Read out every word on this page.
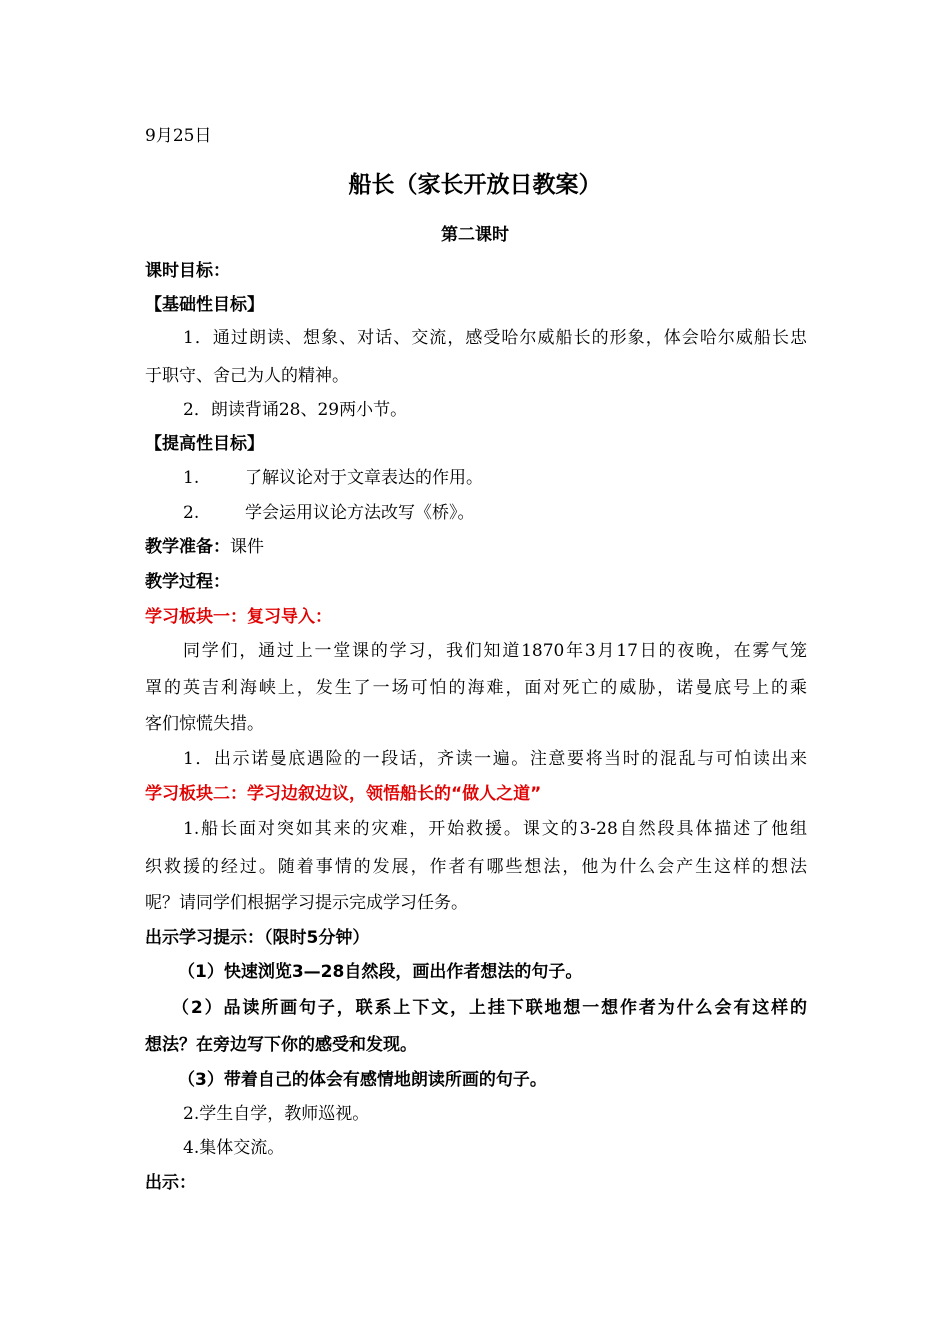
9月25日
船长（家长开放日教案）
第二课时
课时目标：
【基础性目标】
1．通过朗读、想象、对话、交流，感受哈尔威船长的形象，体会哈尔威船长忠
于职守、舍己为人的精神。
2．朗读背诵28、29两小节。
【提高性目标】
1.	了解议论对于文章表达的作用。
2.	学会运用议论方法改写《桥》。
教学准备：课件
教学过程：
学习板块一：复习导入：
同学们，通过上一堂课的学习，我们知道1870年3月17日的夜晚，在雾气笼
罩的英吉利海峡上，发生了一场可怕的海难，面对死亡的威胁，诺曼底号上的乘
客们惊慌失措。
1．出示诺曼底遇险的一段话，齐读一遍。注意要将当时的混乱与可怕读出来
学习板块二：学习边叙边议，领悟船长的“做人之道”
1.船长面对突如其来的灾难，开始救援。课文的3-28自然段具体描述了他组
织救援的经过。随着事情的发展，作者有哪些想法，他为什么会产生这样的想法
呢？请同学们根据学习提示完成学习任务。
出示学习提示：（限时5分钟）
（1）快速浏览3—28自然段，画出作者想法的句子。
（2）品读所画句子，联系上下文，上挂下联地想一想作者为什么会有这样的
想法？在旁边写下你的感受和发现。
（3）带着自己的体会有感情地朗读所画的句子。
2.学生自学，教师巡视。
4.集体交流。
出示：
